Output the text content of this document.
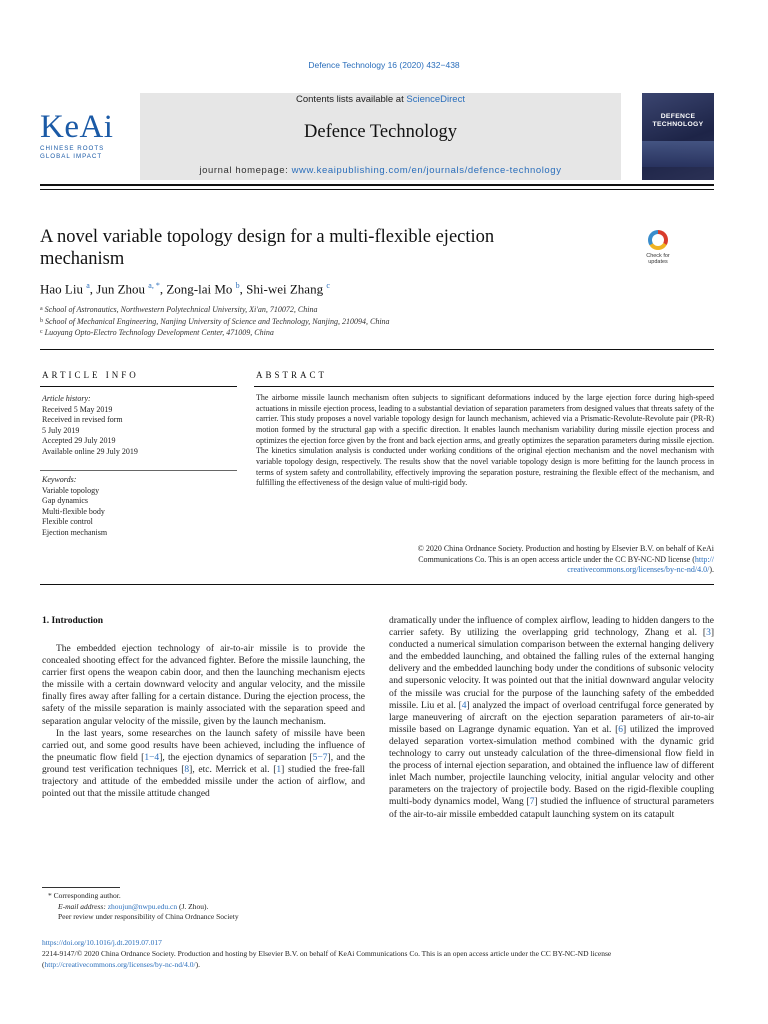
Defence Technology 16 (2020) 432−438
KeAi
CHINESE ROOTS
GLOBAL IMPACT
Contents lists available at ScienceDirect
Defence Technology
journal homepage: www.keaipublishing.com/en/journals/defence-technology
DEFENCE
TECHNOLOGY
A novel variable topology design for a multi-flexible ejection
mechanism	Check for
updates
Hao Liu $^a$, Jun Zhou $^{a, *}$, Zong-lai Mo $^b$, Shi-wei Zhang $^c$
$^a$ School of Astronautics, Northwestern Polytechnical University, Xi'an, 710072, China
$^b$ School of Mechanical Engineering, Nanjing University of Science and Technology, Nanjing, 210094, China
$^c$ Luoyang Opto-Electro Technology Development Center, 471009, China
ARTICLE INFO	ABSTRACT
Article history:
Received 5 May 2019
Received in revised form
5 July 2019
Accepted 29 July 2019
Available online 29 July 2019
Keywords:
Variable topology
Gap dynamics
Multi-flexible body
Flexible control
Ejection mechanism
The airborne missile launch mechanism often subjects to significant deformations induced by the large ejection force during high-speed actuations in missile ejection process, leading to a substantial deviation of separation parameters from designed values that threats safety of the carrier. This study proposes a novel variable topology design for launch mechanism, achieved via a Prismatic-Revolute-Revolute pair (PR-R) motion formed by the structural gap with a specific direction. It enables launch mechanism variability during missile ejection process and optimizes the ejection force given by the front and back ejection arms, and greatly optimizes the separation parameters during missile ejection. The kinetics simulation analysis is conducted under working conditions of the original ejection mechanism and the novel mechanism with variable topology design, respectively. The results show that the novel variable topology design is more befitting for the launch process in terms of system safety and controllability, effectively improving the separation posture, restraining the flexible effect of the mechanism, and fulfilling the effectiveness of the design value of multi-rigid body.
© 2020 China Ordnance Society. Production and hosting by Elsevier B.V. on behalf of KeAi
Communications Co. This is an open access article under the CC BY-NC-ND license (http://
creativecommons.org/licenses/by-nc-nd/4.0/).
1. Introduction

The embedded ejection technology of air-to-air missile is to provide the concealed shooting effect for the advanced fighter. Before the missile launching, the carrier first opens the weapon cabin door, and then the launching mechanism ejects the missile with a certain downward velocity and angular velocity, and the missile finally fires away after falling for a certain distance. During the ejection process, the safety of the missile separation is mainly associated with the separation speed and separation angular velocity of the missile, given by the launch mechanism.

In the last years, some researches on the launch safety of missile have been carried out, and some good results have been achieved, including the influence of the pneumatic flow field [1−4], the ejection dynamics of separation [5−7], and the ground test verification techniques [8], etc. Merrick et al. [1] studied the free-fall trajectory and attitude of the embedded missile under the action of airflow, and pointed out that the missile attitude changed

dramatically under the influence of complex airflow, leading to hidden dangers to the carrier safety. By utilizing the overlapping grid technology, Zhang et al. [3] conducted a numerical simulation comparison between the external hanging delivery and the embedded launching, and obtained the falling rules of the external hanging delivery and the embedded launching body under the conditions of subsonic velocity and supersonic velocity. It was pointed out that the initial downward angular velocity of the missile was crucial for the purpose of the launching safety of the embedded missile. Liu et al. [4] analyzed the impact of overload centrifugal force generated by large maneuvering of aircraft on the ejection separation parameters of air-to-air missile based on Lagrange dynamic equation. Yan et al. [6] utilized the improved delayed separation vortex-simulation method combined with the dynamic grid technology to carry out unsteady calculation of the three-dimensional flow field in the process of internal ejection separation, and obtained the influence law of different inlet Mach number, projectile launching velocity, initial angular velocity and other parameters on the trajectory of projectile body. Based on the rigid-flexible coupling multi-body dynamics model, Wang [7] studied the influence of structural parameters of the air-to-air missile embedded catapult launching system on its catapult

* Corresponding author.
E-mail address: zhoujun@nwpu.edu.cn (J. Zhou).
Peer review under responsibility of China Ordnance Society
https://doi.org/10.1016/j.dt.2019.07.017
2214-9147/© 2020 China Ordnance Society. Production and hosting by Elsevier B.V. on behalf of KeAi Communications Co. This is an open access article under the CC BY-NC-ND license (http://creativecommons.org/licenses/by-nc-nd/4.0/).
